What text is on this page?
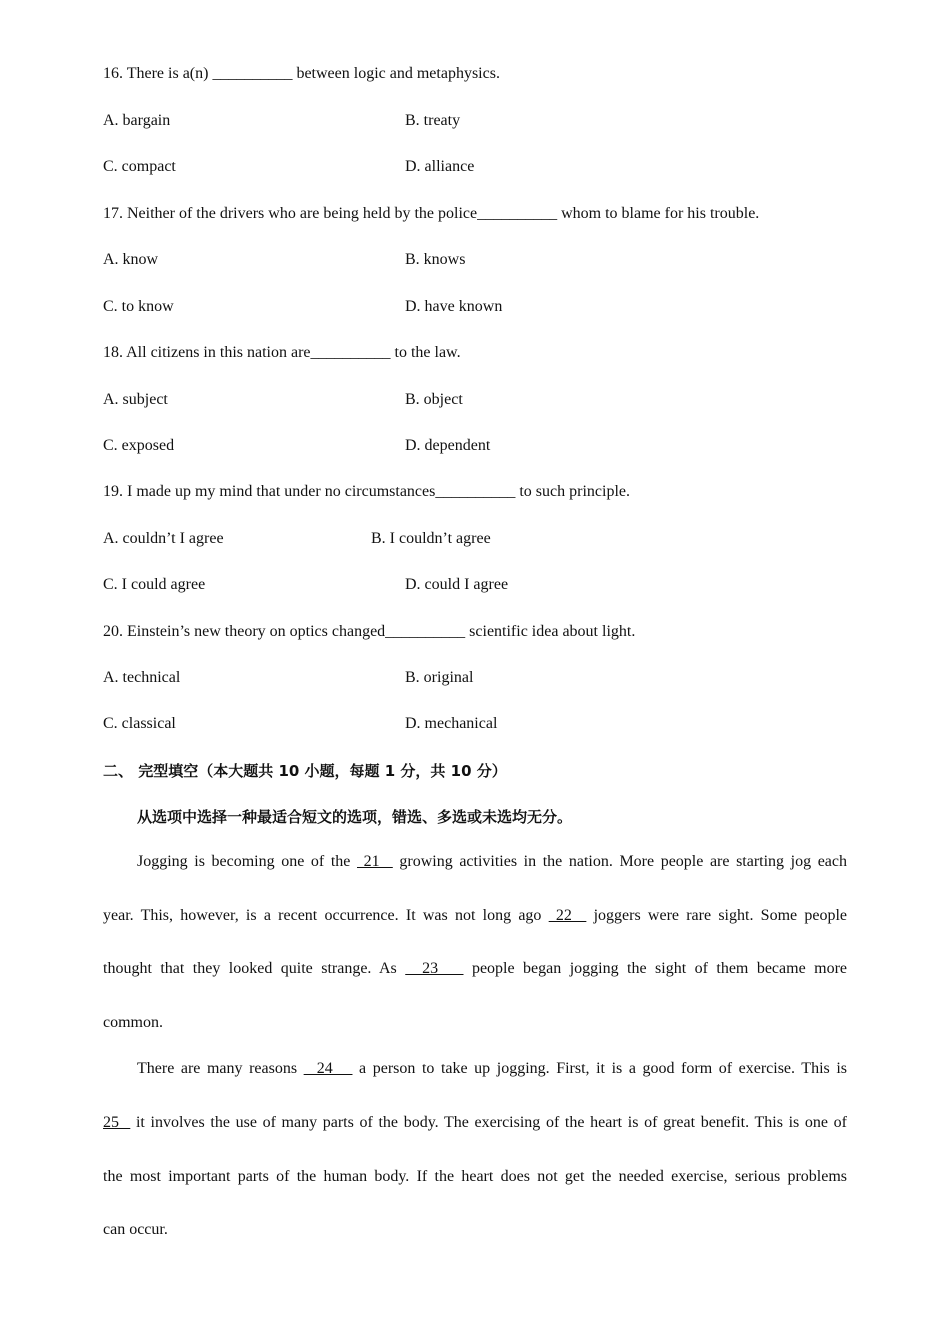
16. There is a(n) __________ between logic and metaphysics.
A. bargain	B. treaty
C. compact	D. alliance
17. Neither of the drivers who are being held by the police__________ whom to blame for his trouble.
A. know	B. knows
C. to know	D. have known
18. All citizens in this nation are__________ to the law.
A. subject	B. object
C. exposed	D. dependent
19. I made up my mind that under no circumstances__________ to such principle.
A. couldn’t I agree	B. I couldn’t agree
C. I could agree	D. could I agree
20. Einstein’s new theory on optics changed__________ scientific idea about light.
A. technical	B. original
C. classical	D. mechanical
二、 完型填空（本大题共 10 小题，每题 1 分，共 10 分）
从选项中选择一种最适合短文的选项，错选、多选或未选均无分。
Jogging is becoming one of the  21   growing activities in the nation. More people are starting jog each
year. This, however, is a recent occurrence. It was not long ago  22   joggers were rare sight. Some people
thought that they looked quite strange. As   23    people began jogging the sight of them became more
common.
There are many reasons   24    a person to take up jogging. First, it is a good form of exercise. This is
25   it involves the use of many parts of the body. The exercising of the heart is of great benefit. This is one of
the most important parts of the human body. If the heart does not get the needed exercise, serious problems
can occur.
